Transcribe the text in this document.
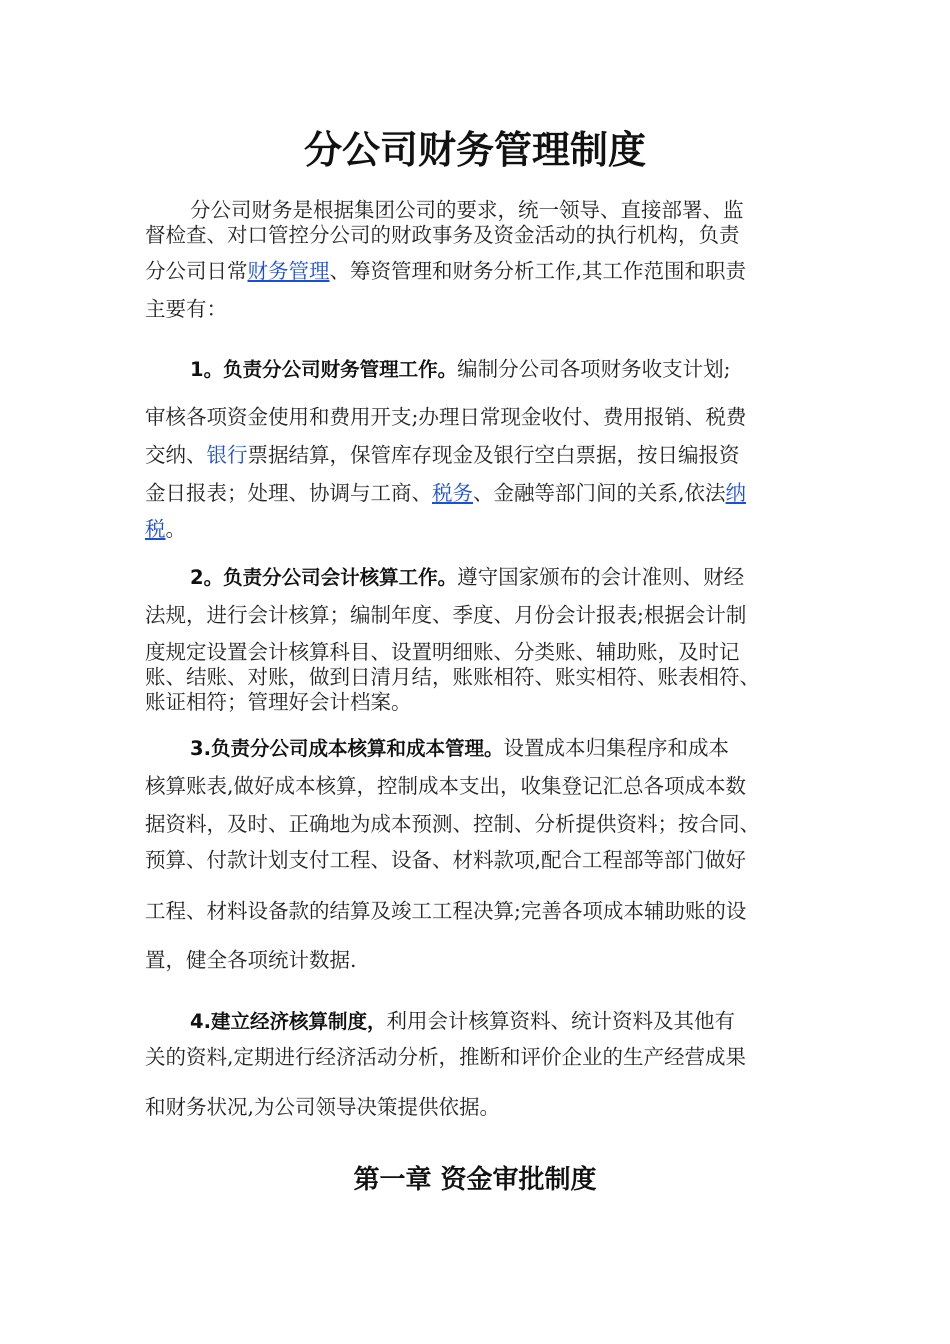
分公司财务管理制度
分公司财务是根据集团公司的要求，统一领导、直接部署、监
督检查、对口管控分公司的财政事务及资金活动的执行机构，负责
分公司日常财务管理、筹资管理和财务分析工作,其工作范围和职责
主要有：
1。负责分公司财务管理工作。编制分公司各项财务收支计划;
审核各项资金使用和费用开支;办理日常现金收付、费用报销、税费
交纳、银行票据结算，保管库存现金及银行空白票据，按日编报资
金日报表；处理、协调与工商、税务、金融等部门间的关系,依法纳
税。
2。负责分公司会计核算工作。遵守国家颁布的会计准则、财经
法规，进行会计核算；编制年度、季度、月份会计报表;根据会计制
度规定设置会计核算科目、设置明细账、分类账、辅助账，及时记
账、结账、对账，做到日清月结，账账相符、账实相符、账表相符、
账证相符；管理好会计档案。
3.负责分公司成本核算和成本管理。设置成本归集程序和成本
核算账表,做好成本核算，控制成本支出，收集登记汇总各项成本数
据资料，及时、正确地为成本预测、控制、分析提供资料；按合同、
预算、付款计划支付工程、设备、材料款项,配合工程部等部门做好
工程、材料设备款的结算及竣工工程决算;完善各项成本辅助账的设
置，健全各项统计数据.
4.建立经济核算制度，利用会计核算资料、统计资料及其他有
关的资料,定期进行经济活动分析，推断和评价企业的生产经营成果
和财务状况,为公司领导决策提供依据。
第一章 资金审批制度
